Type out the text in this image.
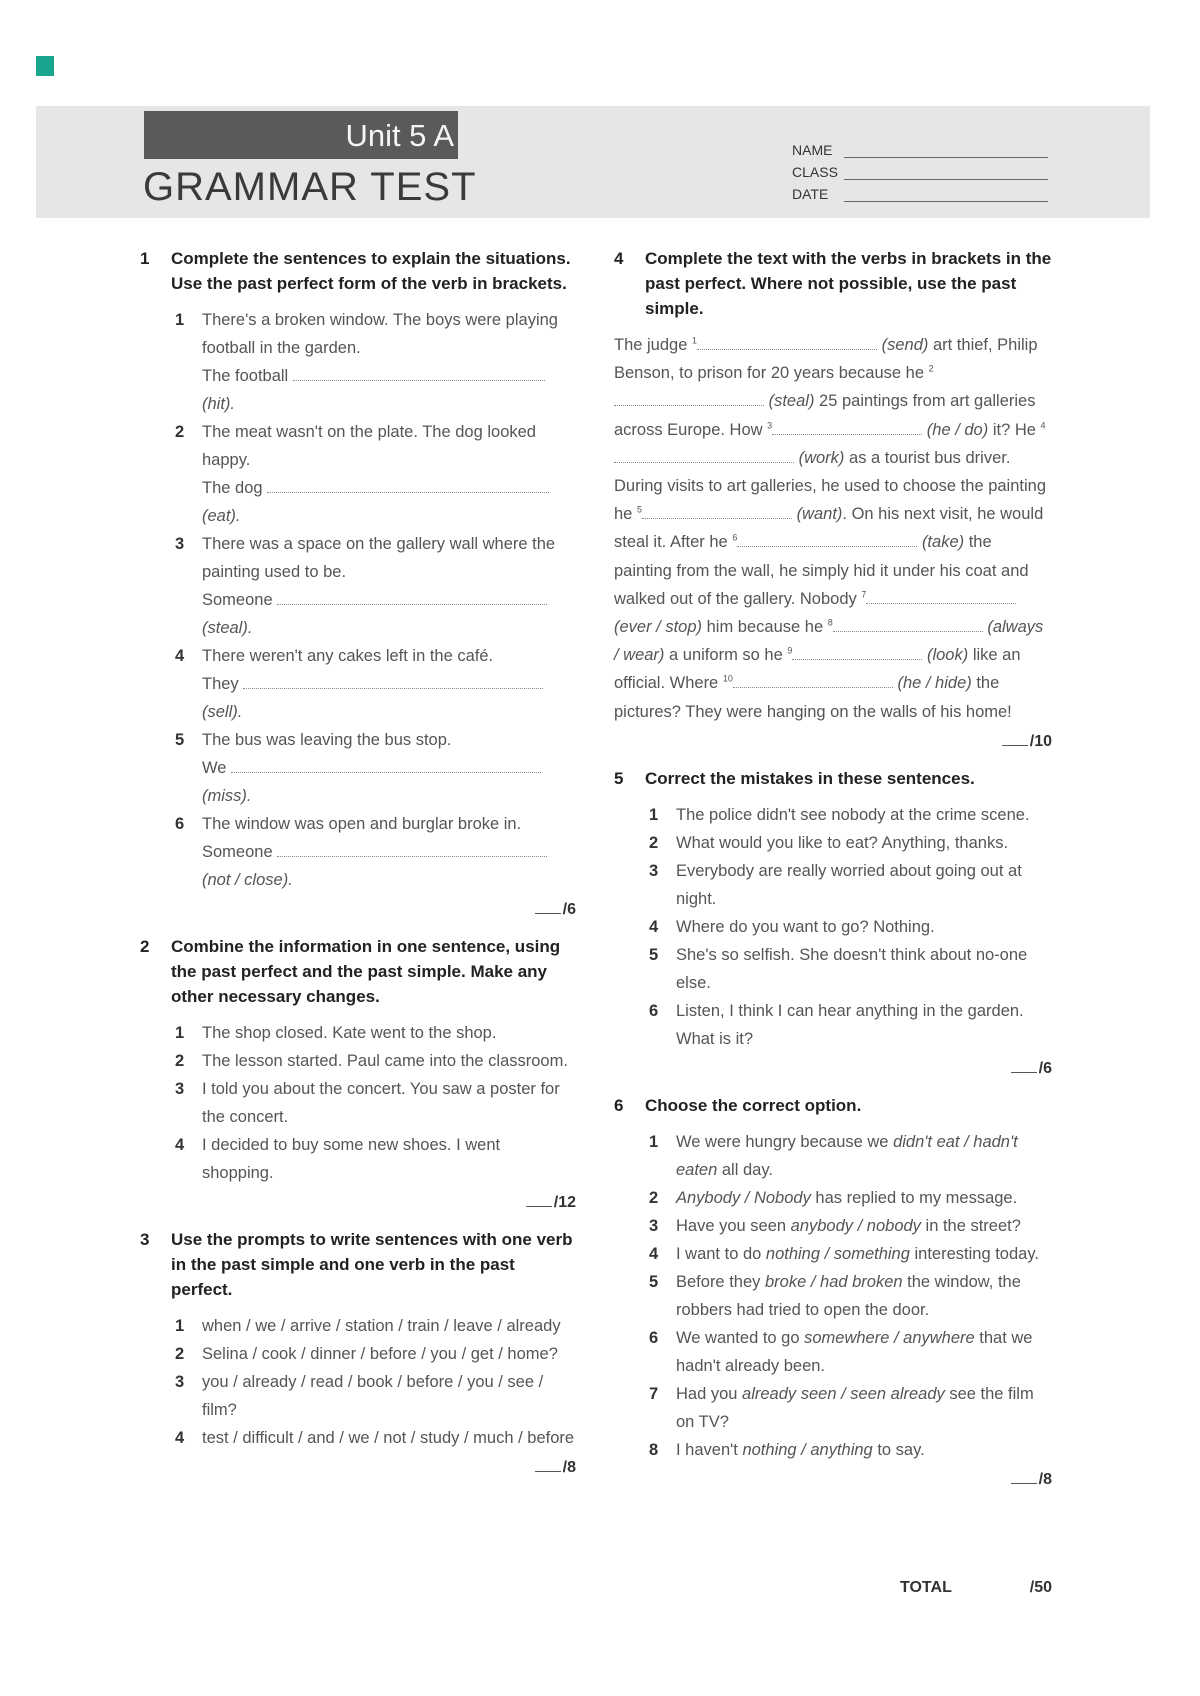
Unit 5 A
GRAMMAR TEST
NAME
CLASS
DATE
1	Complete the sentences to explain the situations. Use the past perfect form of the verb in brackets.
1	There's a broken window. The boys were playing football in the garden.
The football
(hit).
2	The meat wasn't on the plate. The dog looked happy.
The dog
(eat).
3	There was a space on the gallery wall where the painting used to be.
Someone
(steal).
4	There weren't any cakes left in the café.
They
(sell).
5	The bus was leaving the bus stop.
We
(miss).
6	The window was open and burglar broke in.
Someone
(not / close).
/6
2	Combine the information in one sentence, using the past perfect and the past simple. Make any other necessary changes.
1	The shop closed. Kate went to the shop.
2	The lesson started. Paul came into the classroom.
3	I told you about the concert. You saw a poster for the concert.
4	I decided to buy some new shoes. I went shopping.
/12
3	Use the prompts to write sentences with one verb in the past simple and one verb in the past perfect.
1	when / we / arrive / station / train / leave / already
2	Selina / cook / dinner / before / you / get / home?
3	you / already / read / book / before / you / see / film?
4	test / difficult / and / we / not / study / much / before
/8
4	Complete the text with the verbs in brackets in the past perfect. Where not possible, use the past simple.
The judge $^1$	(send) art thief, Philip Benson, to prison for 20 years because he $^2$ (steal) 25 paintings from art galleries across Europe. How $^3$	(he / do) it? He $^4$ (work) as a tourist bus driver. During visits to art galleries, he used to choose the painting he $^5$	(want). On his next visit, he would steal it. After he $^6$	(take) the painting from the wall, he simply hid it under his coat and walked out of the gallery. Nobody $^7$ (ever / stop) him because he $^8$	(always / wear) a uniform so he $^9$	(look) like an official. Where $^{10}$	(he / hide) the pictures? They were hanging on the walls of his home!
/10
5	Correct the mistakes in these sentences.
1	The police didn't see nobody at the crime scene.
2	What would you like to eat? Anything, thanks.
3	Everybody are really worried about going out at night.
4	Where do you want to go? Nothing.
5	She's so selfish. She doesn't think about no-one else.
6	Listen, I think I can hear anything in the garden. What is it?
/6
6	Choose the correct option.
1	We were hungry because we didn't eat / hadn't eaten all day.
2	Anybody / Nobody has replied to my message.
3	Have you seen anybody / nobody in the street?
4	I want to do nothing / something interesting today.
5	Before they broke / had broken the window, the robbers had tried to open the door.
6	We wanted to go somewhere / anywhere that we hadn't already been.
7	Had you already seen / seen already see the film on TV?
8	I haven't nothing / anything to say.
/8
TOTAL	/50
